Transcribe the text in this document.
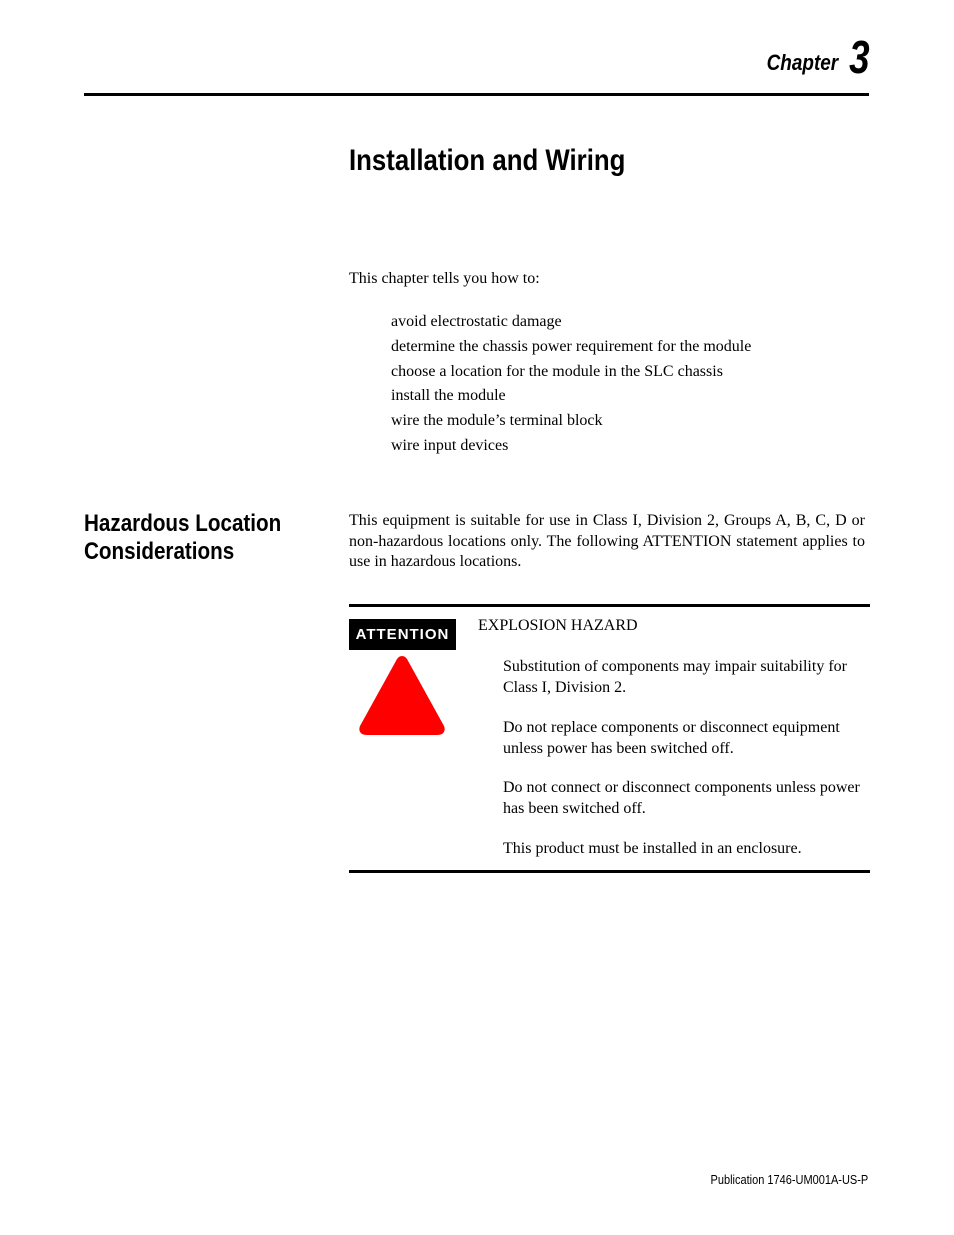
Chapter 3
Installation and Wiring
This chapter tells you how to:
avoid electrostatic damage
determine the chassis power requirement for the module
choose a location for the module in the SLC chassis
install the module
wire the module’s terminal block
wire input devices
Hazardous Location Considerations
This equipment is suitable for use in Class I, Division 2, Groups A, B, C, D or non-hazardous locations only. The following ATTENTION statement applies to use in hazardous locations.
ATTENTION
EXPLOSION HAZARD
Substitution of components may impair suitability for Class I, Division 2.
Do not replace components or disconnect equipment unless power has been switched off.
Do not connect or disconnect components unless power has been switched off.
This product must be installed in an enclosure.
Publication 1746-UM001A-US-P
